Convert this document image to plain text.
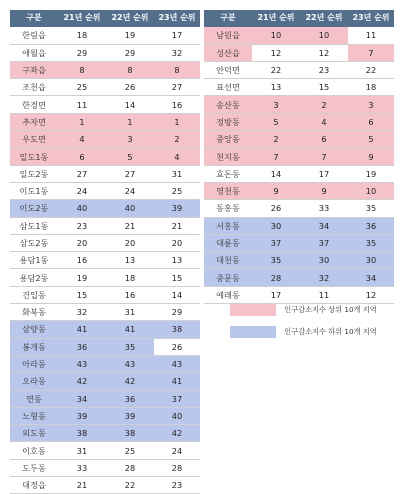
구분	21년 순위	22년 순위	23년 순위
한림읍	18	19	17
애월읍	29	29	32
구좌읍	8	8	8
조천읍	25	26	27
한경면	11	14	16
추자면	1	1	1
우도면	4	3	2
일도1동	6	5	4
일도2동	27	27	31
이도1동	24	24	25
이도2동	40	40	39
삼도1동	23	21	21
삼도2동	20	20	20
용담1동	16	13	13
용담2동	19	18	15
건입동	15	16	14
화북동	32	31	29
삼양동	41	41	38
봉개동	36	35	26
아라동	43	43	43
오라동	42	42	41
연동	34	36	37
노형동	39	39	40
외도동	38	38	42
이호동	31	25	24
도두동	33	28	28
대정읍	21	22	23
구분	21년 순위	22년 순위	23년 순위
남원읍	10	10	11
성산읍	12	12	7
안덕면	22	23	22
표선면	13	15	18
송산동	3	2	3
정방동	5	4	6
중앙동	2	6	5
천지동	7	7	9
효돈동	14	17	19
영천동	9	9	10
동홍동	26	33	35
서홍동	30	34	36
대륜동	37	37	35
대천동	35	30	30
중문동	28	32	34
예래동	17	11	12
인구감소지수 상위 10개 지역
인구감소지수 하위 10개 지역
